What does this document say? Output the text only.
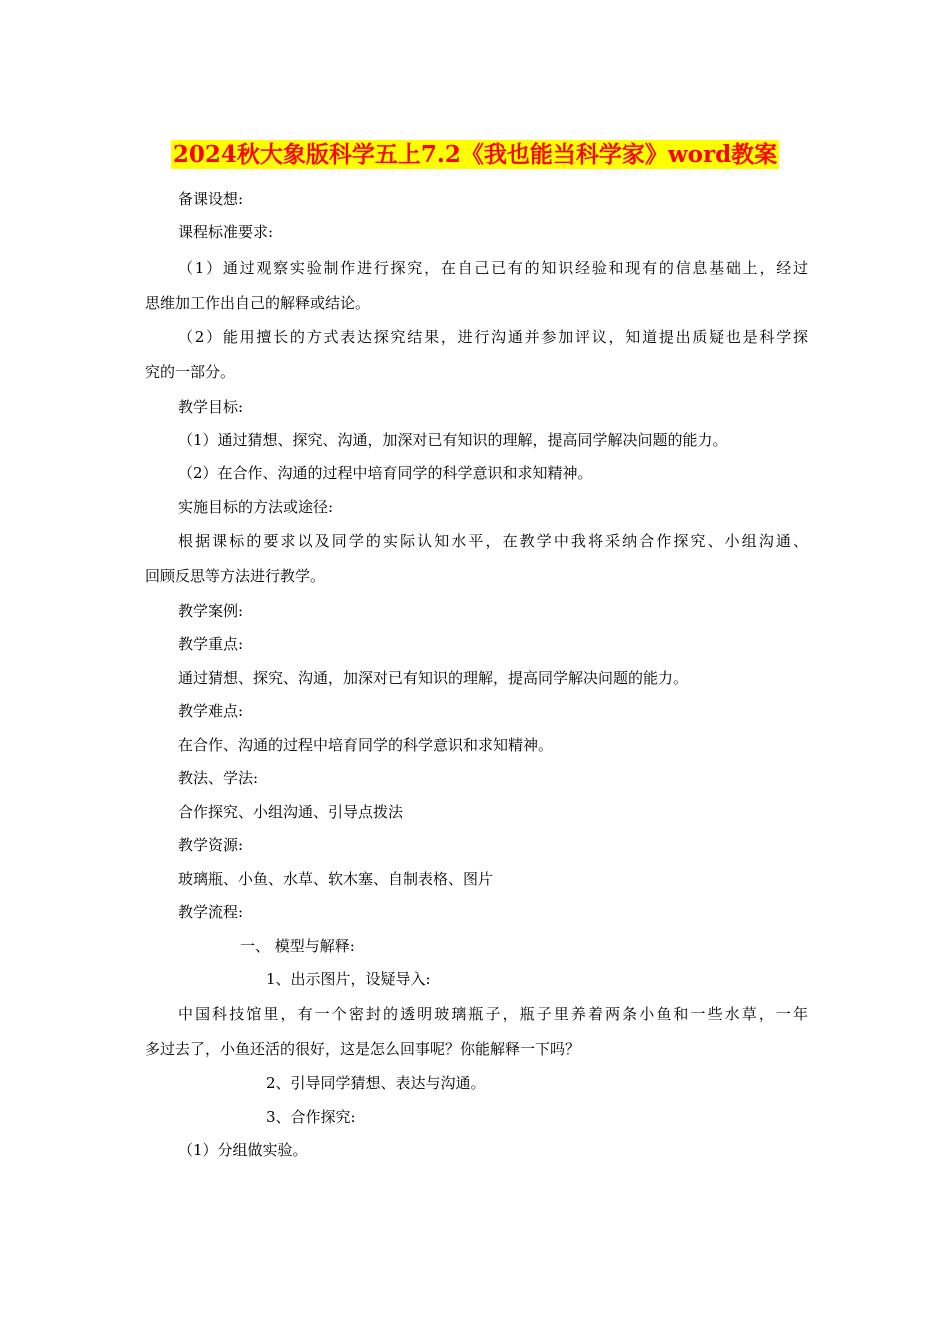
2024秋大象版科学五上7.2《我也能当科学家》word教案

备课设想:

课程标准要求:

（1）通过观察实验制作进行探究，在自己已有的知识经验和现有的信息基础上，经过

思维加工作出自己的解释或结论。

（2）能用擅长的方式表达探究结果，进行沟通并参加评议，知道提出质疑也是科学探

究的一部分。

教学目标:

（1）通过猜想、探究、沟通，加深对已有知识的理解，提高同学解决问题的能力。

（2）在合作、沟通的过程中培育同学的科学意识和求知精神。

实施目标的方法或途径:

根据课标的要求以及同学的实际认知水平，在教学中我将采纳合作探究、小组沟通、

回顾反思等方法进行教学。

教学案例:

教学重点:

通过猜想、探究、沟通，加深对已有知识的理解，提高同学解决问题的能力。

教学难点:

在合作、沟通的过程中培育同学的科学意识和求知精神。

教法、学法:

合作探究、小组沟通、引导点拨法

教学资源:

玻璃瓶、小鱼、水草、软木塞、自制表格、图片

教学流程:

一、 模型与解释:

1、出示图片，设疑导入:

中国科技馆里，有一个密封的透明玻璃瓶子，瓶子里养着两条小鱼和一些水草，一年

多过去了，小鱼还活的很好，这是怎么回事呢？你能解释一下吗？

2、引导同学猜想、表达与沟通。

3、合作探究:

（1）分组做实验。
